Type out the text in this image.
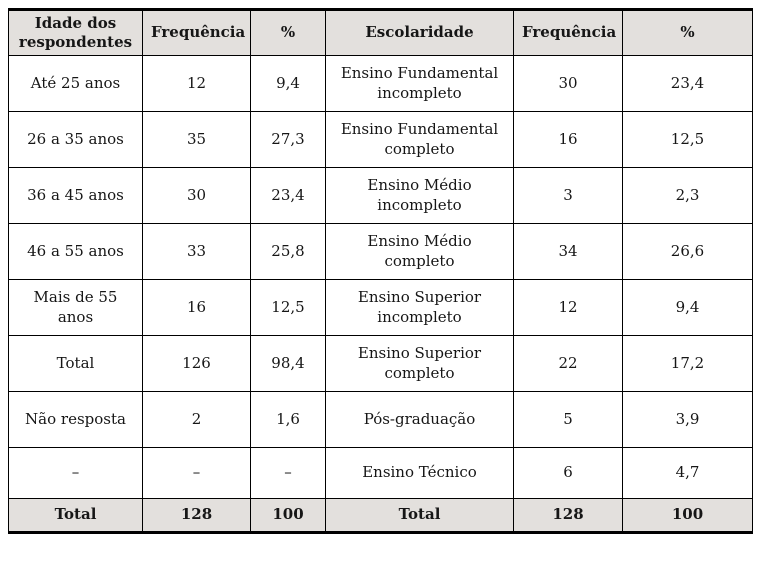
Idade dos respondentes	Frequência	%	Escolaridade	Frequência	%
Até 25 anos	12	9,4	Ensino Fundamental incompleto	30	23,4
26 a 35 anos	35	27,3	Ensino Fundamental completo	16	12,5
36 a 45 anos	30	23,4	Ensino Médio incompleto	3	2,3
46 a 55 anos	33	25,8	Ensino Médio completo	34	26,6
Mais de 55 anos	16	12,5	Ensino Superior incompleto	12	9,4
Total	126	98,4	Ensino Superior completo	22	17,2
Não resposta	2	1,6	Pós-graduação	5	3,9
–	–	–	Ensino Técnico	6	4,7
Total	128	100	Total	128	100
